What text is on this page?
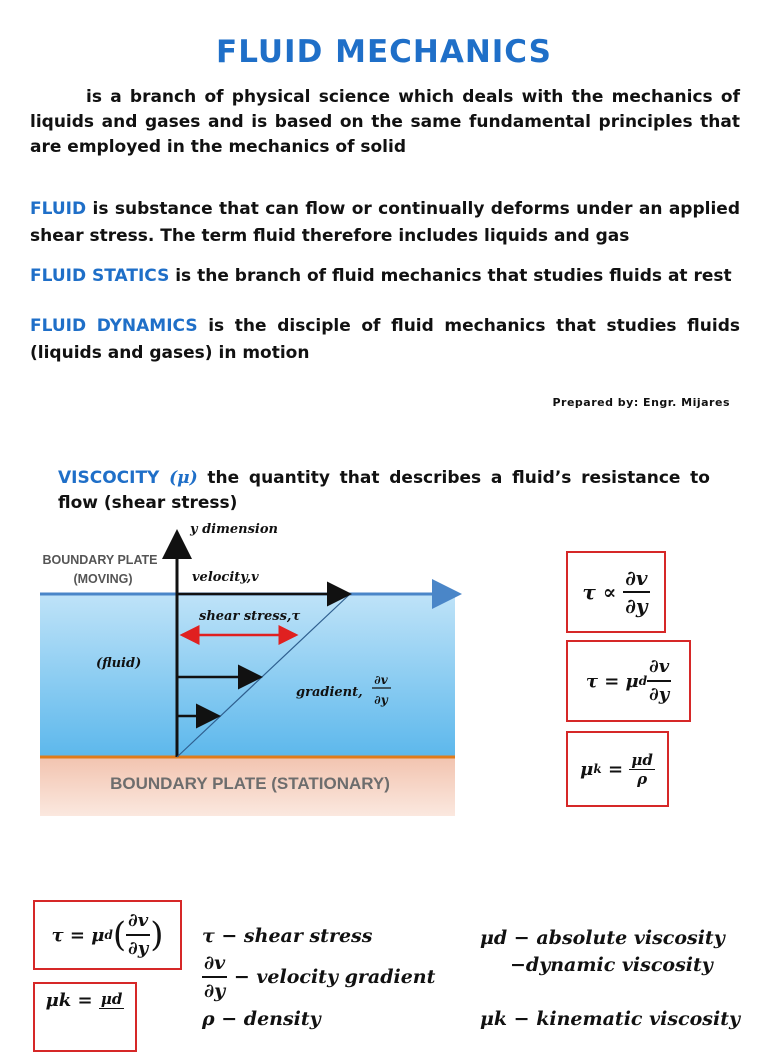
FLUID MECHANICS
is a branch of physical science which deals with the mechanics of liquids and gases and is based on the same fundamental principles that are employed in the mechanics of solid
FLUID is substance that can flow or continually deforms under an applied shear stress. The term fluid therefore includes liquids and gas
FLUID STATICS is the branch of fluid mechanics that studies fluids at rest
FLUID DYNAMICS is the disciple of fluid mechanics that studies fluids (liquids and gases) in motion
Prepared by: Engr. Mijares
VISCOCITY (μ) the quantity that describes a fluid’s resistance to flow (shear stress)
y dimension
BOUNDARY PLATE
(MOVING)	velocity,v
shear stress,τ
(fluid)
gradient,
∂v
∂y
BOUNDARY PLATE (STATIONARY)
τ ∝
$\frac{\partial v}{\partial y}$
τ = μ d $\frac{\partial v}{\partial y}$
μ k
=
$\frac{\mu d}{\rho}$
τ = μ d ( $\frac{\partial v}{\partial y}$ )
μk =
μd
τ − shear stress
$\frac{\partial v}{\partial y}$
− velocity gradient
ρ − density
μd − absolute viscosity
−dynamic viscosity
μk − kinematic viscosity
